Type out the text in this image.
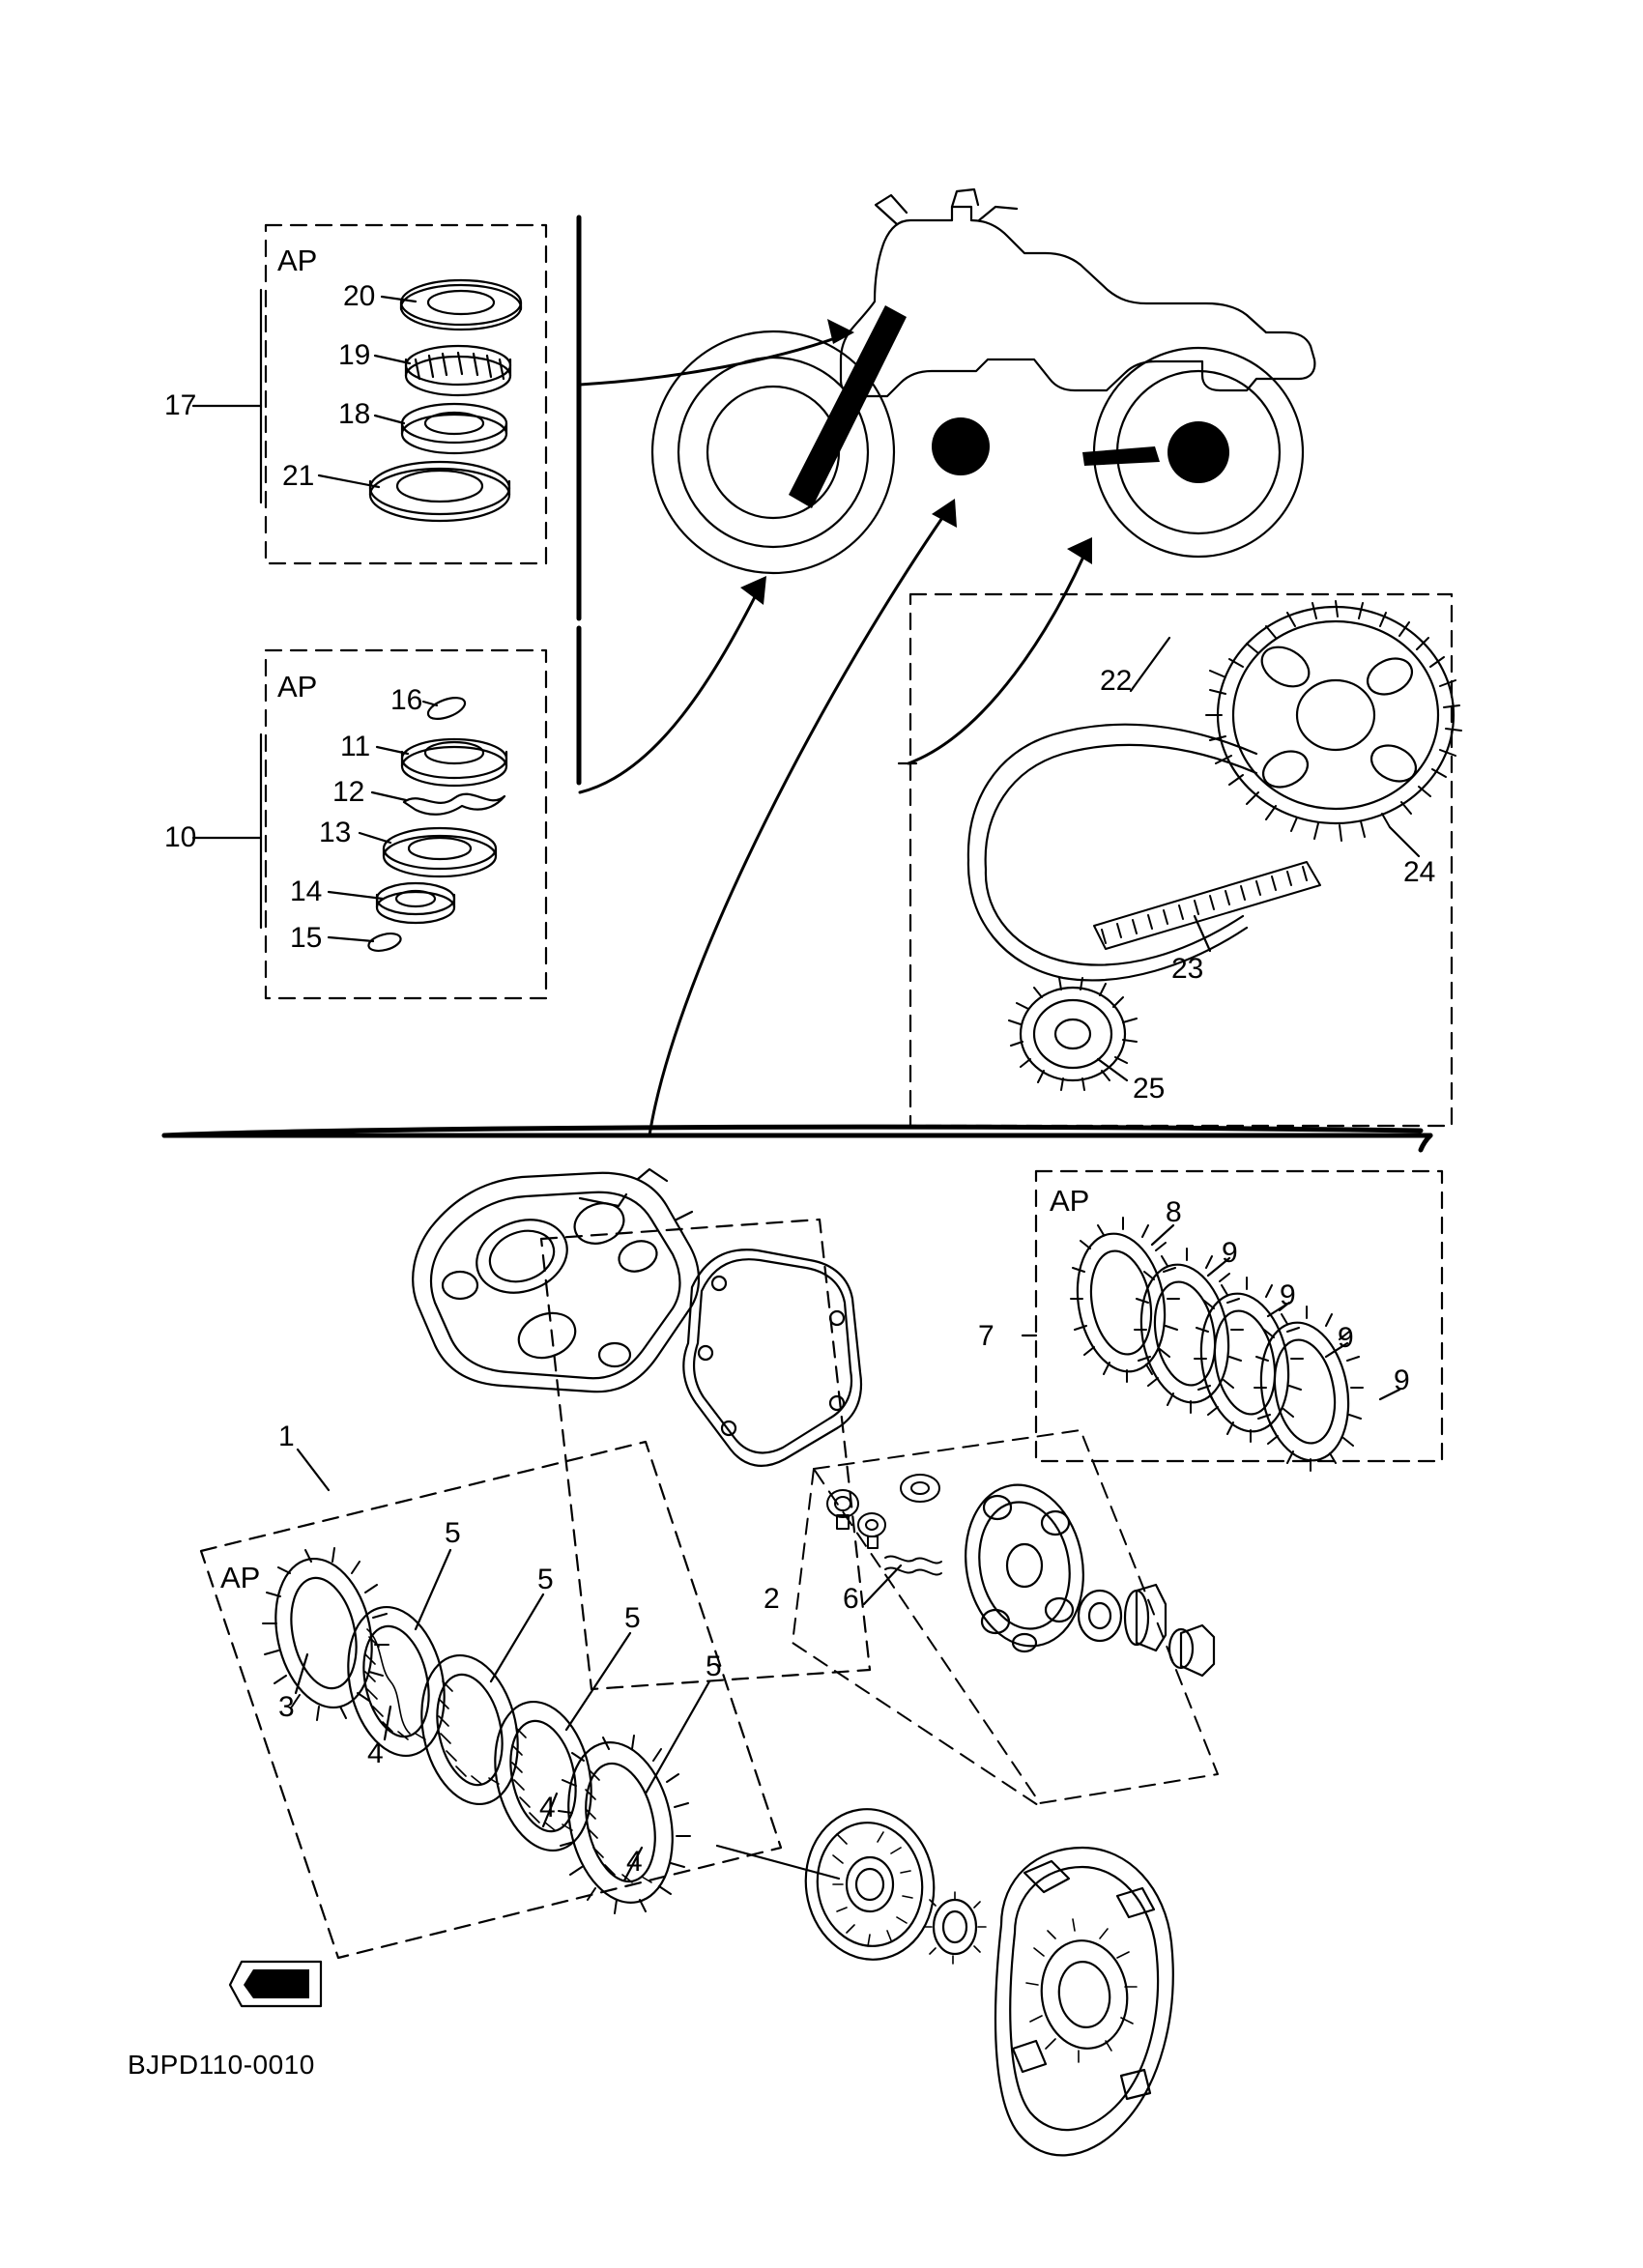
AP
AP
AP
AP
17
20
19
18
21
10
16
11
12
13
14
15
22
24
23
25
1
3
4
4
4
5
5
5
5
2 6
7
8
9
9
9
9
FWD
BJPD110-0010
